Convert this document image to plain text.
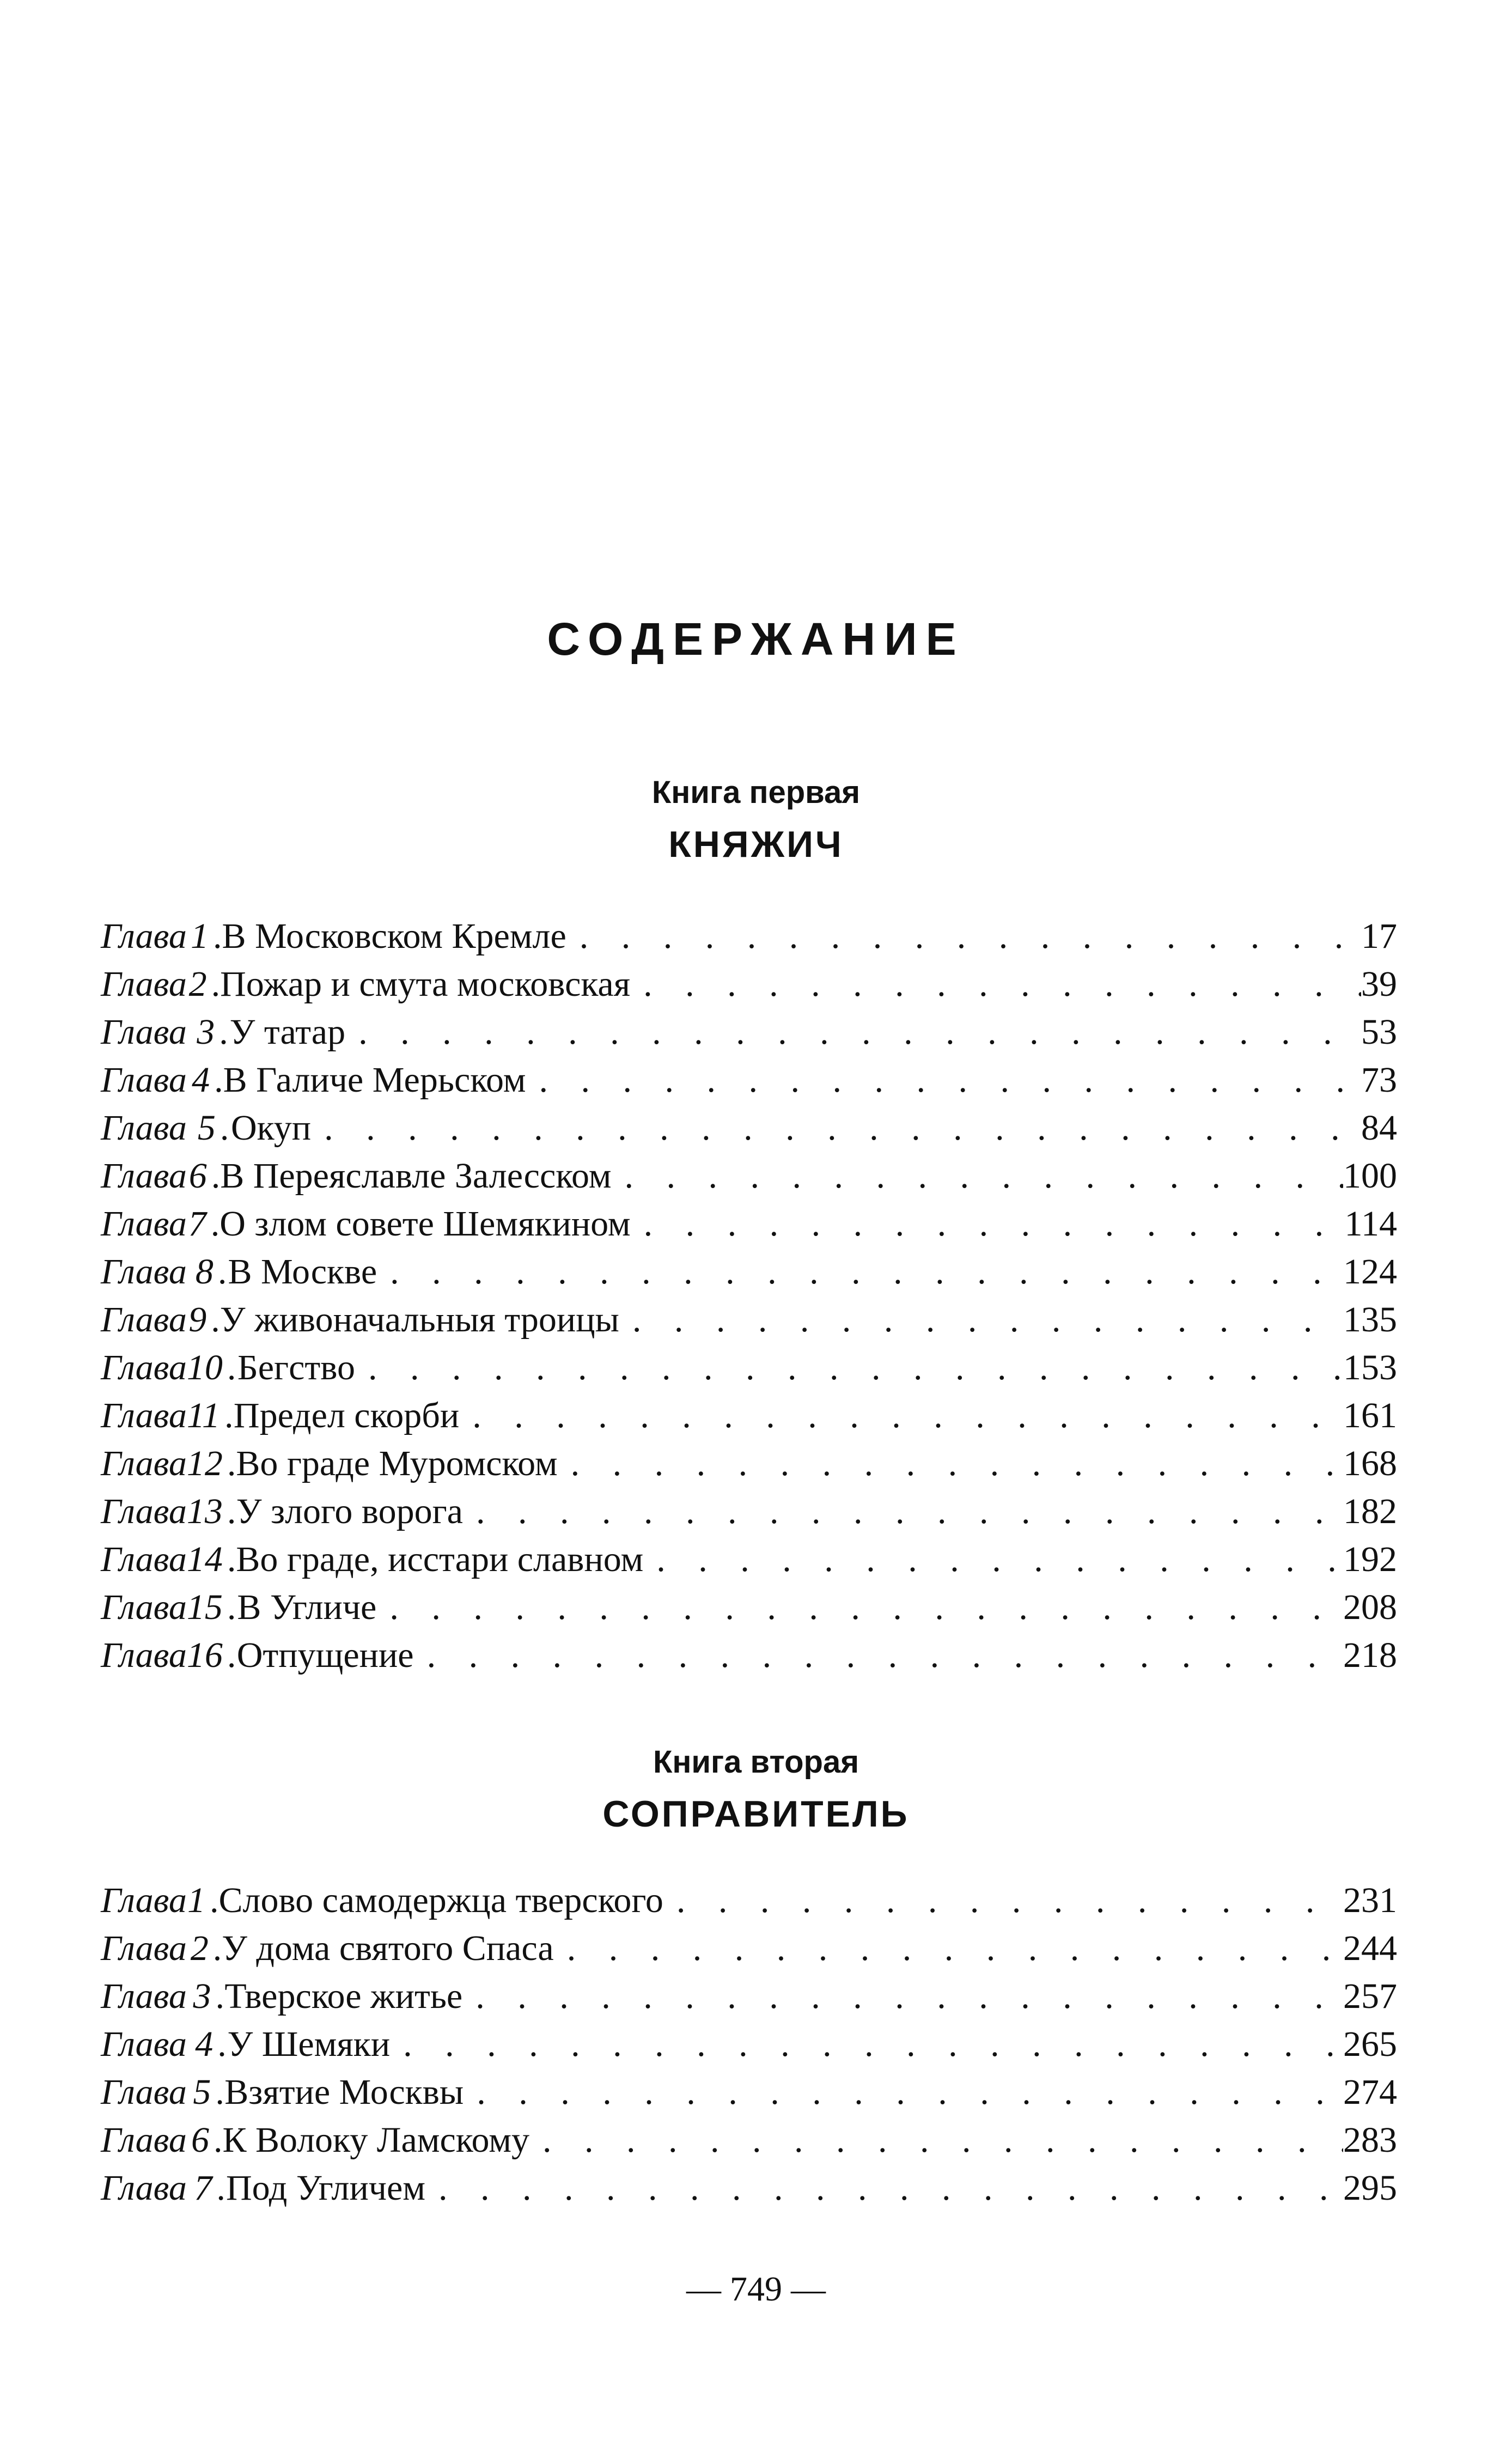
СОДЕРЖАНИЕ
Книга первая
КНЯЖИЧ
Глава 1 . В Московском Кремле . . .	17
Глава 2 . Пожар и смута московская . . .	39
Глава 3 . У татар . . .	53
Глава 4 . В Галиче Мерьском . . .	73
Глава 5 . Окуп . . .	84
Глава 6 . В Переяславле Залесском . . .	100
Глава 7 . О злом совете Шемякином . . .	114
Глава 8 . В Москве . . .	124
Глава 9 . У живоначальныя троицы . . .	135
Глава 10 . Бегство . . .	153
Глава 11 . Предел скорби . . .	161
Глава 12 . Во граде Муромском . . .	168
Глава 13 . У злого ворога . . .	182
Глава 14 . Во граде, исстари славном . . .	192
Глава 15 . В Угличе . . .	208
Глава 16 . Отпущение . . .	218
Книга вторая
СОПРАВИТЕЛЬ
Глава 1 . Слово самодержца тверского . . .	231
Глава 2 . У дома святого Спаса . . .	244
Глава 3 . Тверское житье . . .	257
Глава 4 . У Шемяки . . .	265
Глава 5 . Взятие Москвы . . .	274
Глава 6 . К Волоку Ламскому . . .	283
Глава 7 . Под Угличем . . .	295
— 749 —
